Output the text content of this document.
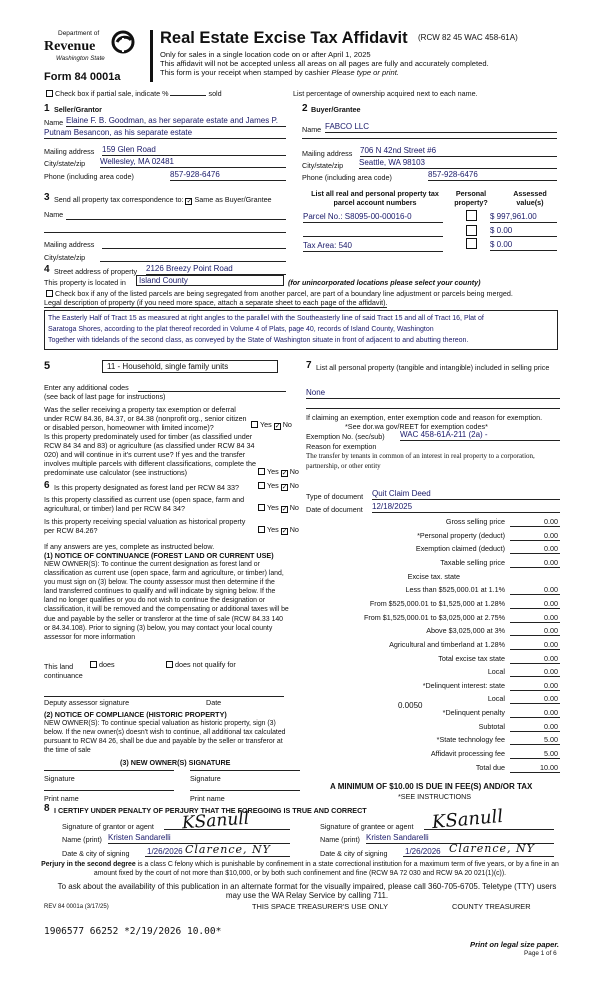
Department of
Revenue
Washington State
Form 84 0001a
Real Estate Excise Tax Affidavit (RCW 82 45 WAC 458-61A)
Only for sales in a single location code on or after April 1, 2025
This affidavit will not be accepted unless all areas on all pages are fully and accurately completed.
This form is your receipt when stamped by cashier Please type or print.
Check box if partial sale, indicate %	sold	List percentage of ownership acquired next to each name.
1 Seller/Grantor
Name Elaine F. B. Goodman, as her separate estate and James P.
Putnam Besancon, as his separate estate
Mailing address 159 Glen Road
City/state/zip Wellesley, MA 02481
Phone (including area code)	857-928-6476
2 Buyer/Grantee
Name FABCO LLC
Mailing address 706 N 42nd Street #6
City/state/zip Seattle, WA 98103
Phone (including area code)	857-928-6476
3 Send all property tax correspondence to: ✓ Same as Buyer/Grantee
Name
Mailing address
City/state/zip
List all real and personal property tax parcel account numbers
Personal property?
Assessed value(s)
Parcel No.: S8095-00-00016-0	$ 997,961.00
$ 0.00
Tax Area: 540	$ 0.00
4 Street address of property 2126 Breezy Point Road
This property is located in	Island County	(for unincorporated locations please select your county)
Check box if any of the listed parcels are being segregated from another parcel, are part of a boundary line adjustment or parcels being merged.
Legal description of property (if you need more space, attach a separate sheet to each page of the affidavit).
The Easterly Half of Tract 15 as measured at right angles to the parallel with the Southeasterly line of said Tract 15 and all of Tract 16, Plat of
Saratoga Shores, according to the plat thereof recorded in Volume 4 of Plats, page 40, records of Island County, Washington
Together with tidelands of the second class, as conveyed by the State of Washington situate in front of adjacent to and abutting thereon.
5	11 - Household, single family units
Enter any additional codes
(see back of last page for instructions)
Was the seller receiving a property tax exemption or deferral under RCW 84.36, 84.37, or 84.38 (nonprofit org., senior citizen or disabled person, homeowner with limited income)?	Yes ✓ No
Is this property predominately used for timber (as classified under RCW 84 34 and 83) or agriculture (as classified under RCW 84 34 020) and will continue in it's current use? If yes and the transfer involves multiple parcels with different classifications, complete the predominate use calculator (see instructions)	Yes ✓ No
6 Is this property designated as forest land per RCW 84 33?	Yes ✓ No
Is this property classified as current use (open space, farm and agricultural, or timber) land per RCW 84 34?	Yes ✓ No
Is this property receiving special valuation as historical property per RCW 84.26?	Yes ✓ No
If any answers are yes, complete as instructed below.
(1) NOTICE OF CONTINUANCE (FOREST LAND OR CURRENT USE)
NEW OWNER(S): To continue the current designation as forest land or classification as current use (open space, farm and agriculture, or timber) land, you must sign on (3) below. The county assessor must then determine if the land transferred continues to qualify and will indicate by signing below. If the land no longer qualifies or you do not wish to continue the designation or classification, it will be removed and the compensating or additional taxes will be due and payable by the seller or transferor at the time of sale (RCW 84.33 140 or 84.34.108). Prior to signing (3) below, you may contact your local county assessor for more information
This land
continuance
does	does not qualify for
Deputy assessor signature	Date
(2) NOTICE OF COMPLIANCE (HISTORIC PROPERTY)
NEW OWNER(S): To continue special valuation as historic property, sign (3) below. If the new owner(s) doesn't wish to continue, all additional tax calculated pursuant to RCW 84 26, shall be due and payable by the seller or transferor at the time of sale
(3) NEW OWNER(S) SIGNATURE
Signature	Signature
Print name	Print name
7 List all personal property (tangible and intangible) included in selling price
None
If claiming an exemption, enter exemption code and reason for exemption.
*See dor.wa gov/REET for exemption codes*
Exemption No. (sec/sub) WAC 458-61A-211 (2a) -
Reason for exemption
The transfer by tenants in common of an interest in real property to a corporation, partnership, or other entity
Type of document Quit Claim Deed
Date of document 12/18/2025
Gross selling price	0.00
*Personal property (deduct)	0.00
Exemption claimed (deduct)	0.00
Taxable selling price	0.00
Excise tax. state
Less than $525,000.01 at 1.1%	0.00
From $525,000.01 to $1,525,000 at 1.28%	0.00
From $1,525,000.01 to $3,025,000 at 2.75%	0.00
Above $3,025,000 at 3%	0.00
Agricultural and timberland at 1.28%	0.00
Total excise tax state	0.00
Local	0.00
*Delinquent interest: state	0.00
Local	0.00
*Delinquent penalty	0.00
Subtotal	0.00
*State technology fee	5.00
Affidavit processing fee	5.00
Total due	10.00
0.0050
A MINIMUM OF $10.00 IS DUE IN FEE(S) AND/OR TAX
*SEE INSTRUCTIONS
8 I CERTIFY UNDER PENALTY OF PERJURY THAT THE FOREGOING IS TRUE AND CORRECT
Signature of grantor or agent KSanull	Signature of grantee or agent KSanull
Name (print) Kristen Sandarelli	Name (print) Kristen Sandarelli
Date & city of signing 1/26/2026 Clarence, NY	Date & city of signing 1/26/2026 Clarence, NY
Perjury in the second degree is a class C felony which is punishable by confinement in a state correctional institution for a maximum term of five years, or by a fine in an amount fixed by the court of not more than $10,000, or by both such confinement and fine (RCW 9A 72 030 and RCW 9A 20 021(1)(c)).
To ask about the availability of this publication in an alternate format for the visually impaired, please call 360-705-6705. Teletype (TTY) users may use the WA Relay Service by calling 711.
REV 84 0001a (3/17/25)	THIS SPACE TREASURER'S USE ONLY	COUNTY TREASURER
1906577 66252 *2/19/2026 10.00*
Print on legal size paper.
Page 1 of 6
